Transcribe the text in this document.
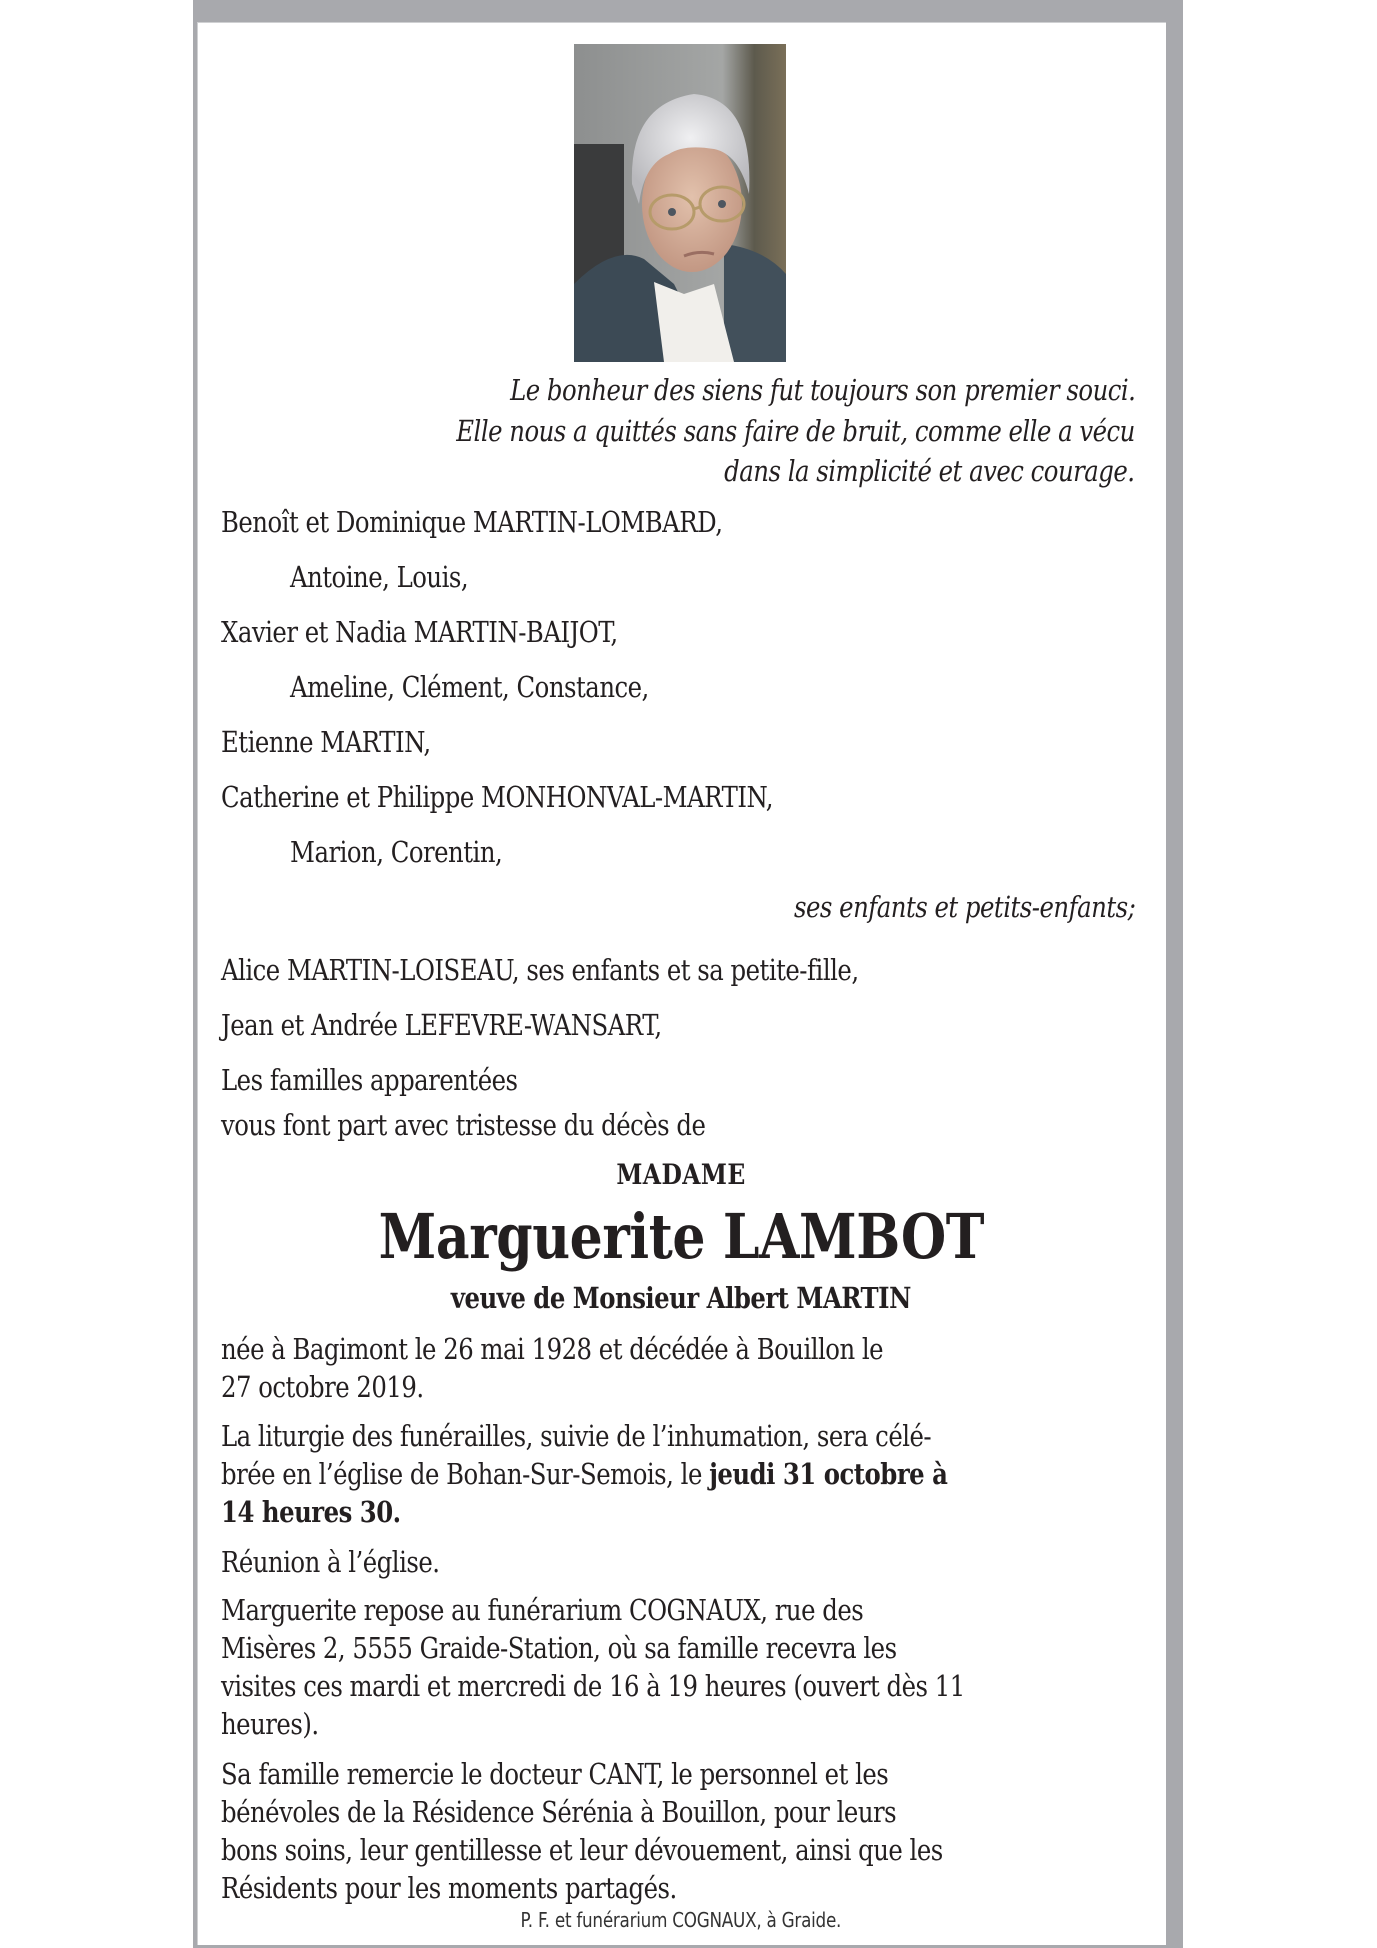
Le bonheur des siens fut toujours son premier souci.
Elle nous a quittés sans faire de bruit, comme elle a vécu
dans la simplicité et avec courage.
Benoît et Dominique MARTIN-LOMBARD,
Antoine, Louis,
Xavier et Nadia MARTIN-BAIJOT,
Ameline, Clément, Constance,
Etienne MARTIN,
Catherine et Philippe MONHONVAL-MARTIN,
Marion, Corentin,
ses enfants et petits-enfants;
Alice MARTIN-LOISEAU, ses enfants et sa petite-fille,
Jean et Andrée LEFEVRE-WANSART,
Les familles apparentées
vous font part avec tristesse du décès de
MADAME
Marguerite LAMBOT
veuve de Monsieur Albert MARTIN
née à Bagimont le 26 mai 1928 et décédée à Bouillon le
27 octobre 2019.
La liturgie des funérailles, suivie de l’inhumation, sera célé-
brée en l’église de Bohan-Sur-Semois, le jeudi 31 octobre à
14 heures 30.
Réunion à l’église.
Marguerite repose au funérarium COGNAUX, rue des
Misères 2, 5555 Graide-Station, où sa famille recevra les
visites ces mardi et mercredi de 16 à 19 heures (ouvert dès 11
heures).
Sa famille remercie le docteur CANT, le personnel et les
bénévoles de la Résidence Sérénia à Bouillon, pour leurs
bons soins, leur gentillesse et leur dévouement, ainsi que les
Résidents pour les moments partagés.
P. F. et funérarium COGNAUX, à Graide.
